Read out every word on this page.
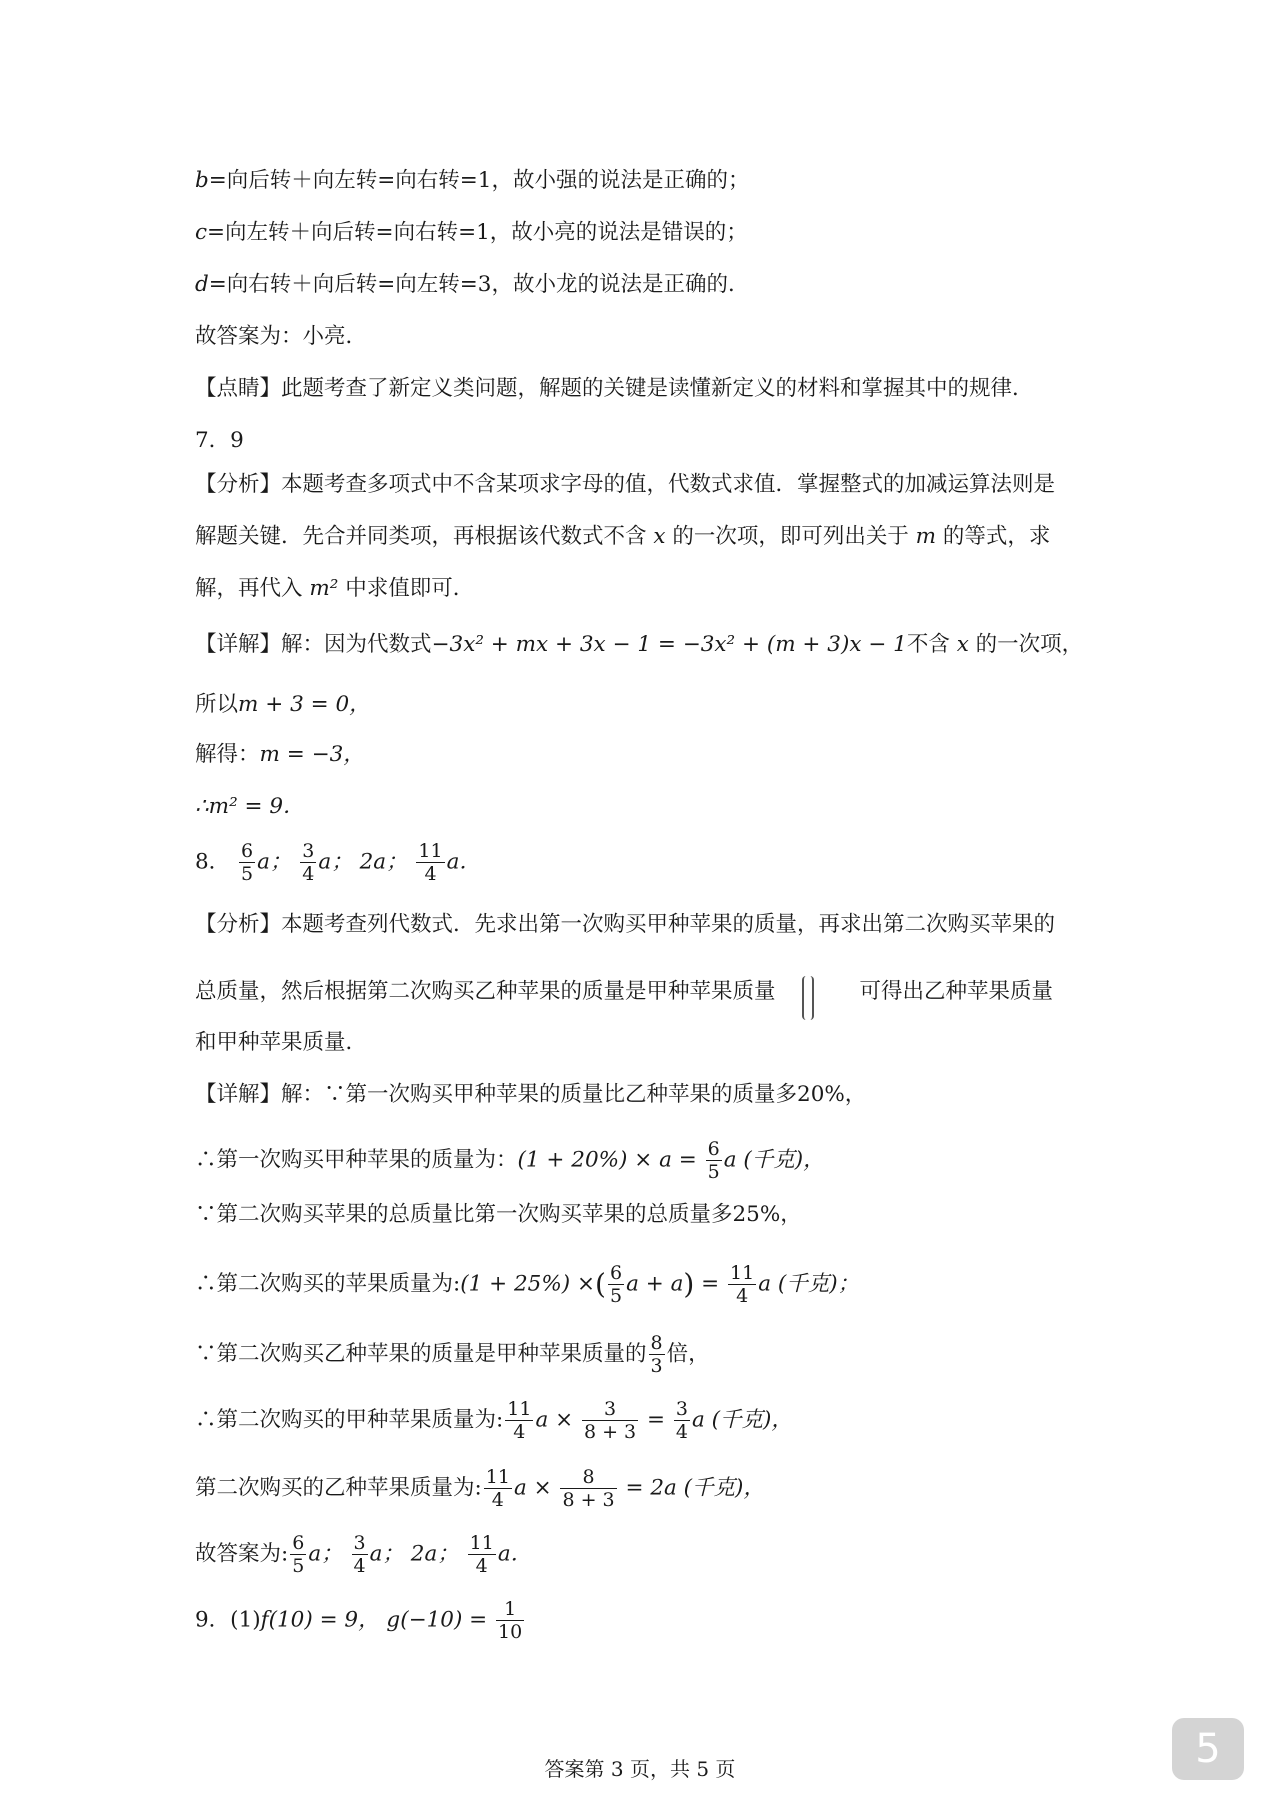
b=向后转＋向左转=向右转=1，故小强的说法是正确的；
c=向左转＋向后转=向右转=1，故小亮的说法是错误的；
d=向右转＋向后转=向左转=3，故小龙的说法是正确的．
故答案为：小亮．
【点睛】此题考查了新定义类问题，解题的关键是读懂新定义的材料和掌握其中的规律．
7．9
【分析】本题考查多项式中不含某项求字母的值，代数式求值．掌握整式的加减运算法则是
解题关键．先合并同类项，再根据该代数式不含 x 的一次项，即可列出关于 m 的等式，求
解，再代入 m² 中求值即可．
【详解】解：因为代数式−3x² + mx + 3x − 1 = −3x² + (m + 3)x − 1不含 x 的一次项，
所以m + 3 = 0，
解得：m = −3，
∴m² = 9．
8． $\frac{6}{5}$ a； $\frac{3}{4}$ a； 2a； $\frac{11}{4}$ a．
【分析】本题考查列代数式．先求出第一次购买甲种苹果的质量，再求出第二次购买苹果的
总质量，然后根据第二次购买乙种苹果的质量是甲种苹果质量	可得出乙种苹果质量
和甲种苹果质量．
【详解】解：∵第一次购买甲种苹果的质量比乙种苹果的质量多20%，
∴第一次购买甲种苹果的质量为：$(1 + 20\%) \times a = \frac{6}{5}$ a (千克)，
∵第二次购买苹果的总质量比第一次购买苹果的总质量多25%，
∴第二次购买的苹果质量为:(1 + 25%) ×( $\frac{6}{5}$ $a + a) = \frac{11}{4}$ a (千克)；
∵第二次购买乙种苹果的质量是甲种苹果质量的 $\frac{8}{3}$ 倍，
∴第二次购买的甲种苹果质量为: $\frac{11}{4}$ $a \times \frac{3}{8 + 3} = \frac{3}{4}$ a (千克)，
第二次购买的乙种苹果质量为: $\frac{11}{4}$ $a \times \frac{8}{8 + 3} = 2a$ (千克)，
故答案为: $\frac{6}{5}$ a； $\frac{3}{4}$ a； 2a； $\frac{11}{4}$ a．
9．(1)f(10) = 9， $g(-10) = \frac{1}{10}$
答案第 3 页，共 5 页	5
